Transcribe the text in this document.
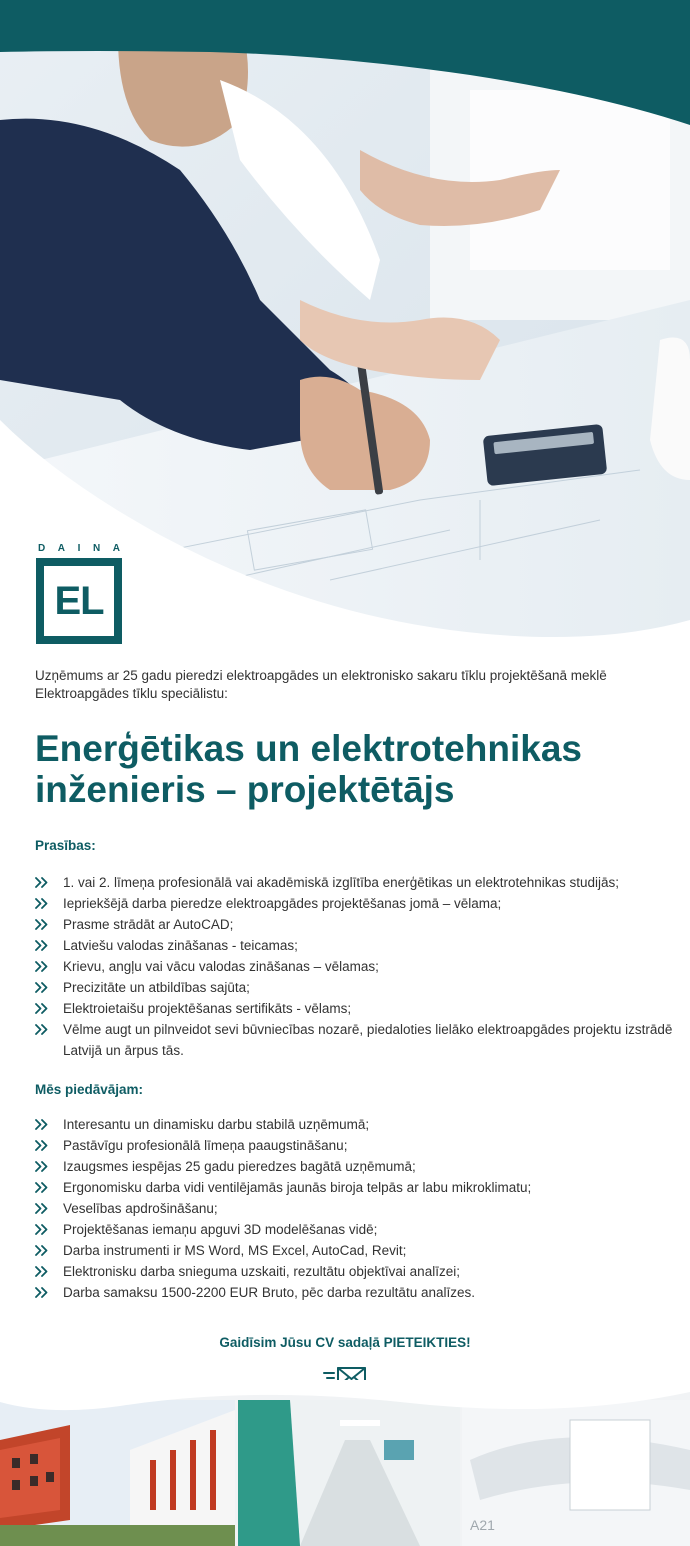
D A I N A
EL

Uzņēmums ar 25 gadu pieredzi elektroapgādes un elektronisko sakaru tīklu projektēšanā meklē Elektroapgādes tīklu speciālistu:

Enerģētikas un elektrotehnikas
inženieris – projektētājs
Prasības:
1. vai 2. līmeņa profesionālā vai akadēmiskā izglītība enerģētikas un elektrotehnikas studijās;
Iepriekšējā darba pieredze elektroapgādes projektēšanas jomā – vēlama;
Prasme strādāt ar AutoCAD;
Latviešu valodas zināšanas - teicamas;
Krievu, angļu vai vācu valodas zināšanas – vēlamas;
Precizitāte un atbildības sajūta;
Elektroietaišu projektēšanas sertifikāts - vēlams;
Vēlme augt un pilnveidot sevi būvniecības nozarē, piedaloties lielāko elektroapgādes projektu izstrādē Latvijā un ārpus tās.
Mēs piedāvājam:
Interesantu un dinamisku darbu stabilā uzņēmumā;
Pastāvīgu profesionālā līmeņa paaugstināšanu;
Izaugsmes iespējas 25 gadu pieredzes bagātā uzņēmumā;
Ergonomisku darba vidi ventilējamās jaunās biroja telpās ar labu mikroklimatu;
Veselības apdrošināšanu;
Projektēšanas iemaņu apguvi 3D modelēšanas vidē;
Darba instrumenti ir MS Word, MS Excel, AutoCad, Revit;
Elektronisku darba snieguma uzskaiti, rezultātu objektīvai analīzei;
Darba samaksu 1500-2200 EUR Bruto, pēc darba rezultātu analīzes.

Gaidīsim Jūsu CV sadaļā PIETEIKTIES!

A21
